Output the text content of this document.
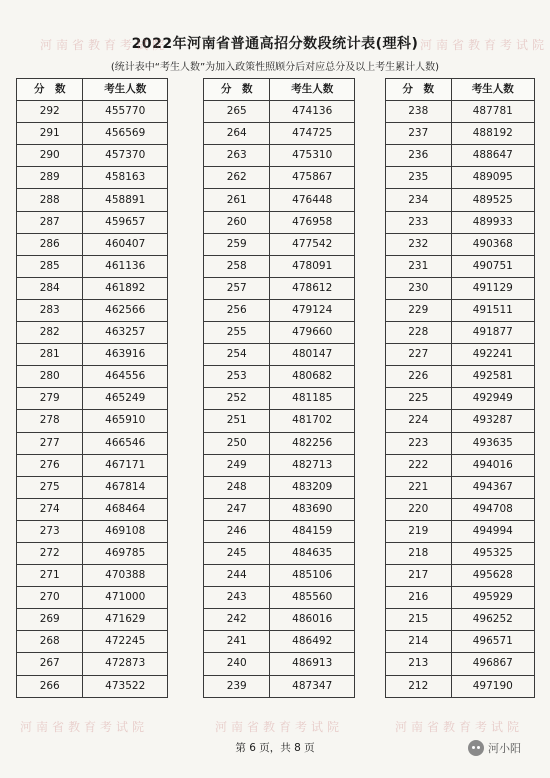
2022年河南省普通高招分数段统计表(理科)
(统计表中“考生人数”为加入政策性照顾分后对应总分及以上考生累计人数)
分　数	考生人数
292	455770
291	456569
290	457370
289	458163
288	458891
287	459657
286	460407
285	461136
284	461892
283	462566
282	463257
281	463916
280	464556
279	465249
278	465910
277	466546
276	467171
275	467814
274	468464
273	469108
272	469785
271	470388
270	471000
269	471629
268	472245
267	472873
266	473522
分　数	考生人数
265	474136
264	474725
263	475310
262	475867
261	476448
260	476958
259	477542
258	478091
257	478612
256	479124
255	479660
254	480147
253	480682
252	481185
251	481702
250	482256
249	482713
248	483209
247	483690
246	484159
245	484635
244	485106
243	485560
242	486016
241	486492
240	486913
239	487347
分　数	考生人数
238	487781
237	488192
236	488647
235	489095
234	489525
233	489933
232	490368
231	490751
230	491129
229	491511
228	491877
227	492241
226	492581
225	492949
224	493287
223	493635
222	494016
221	494367
220	494708
219	494994
218	495325
217	495628
216	495929
215	496252
214	496571
213	496867
212	497190
河南省教育考试院	河南省教育考试院
河南省教育考试院	河南省教育考试院	河南省教育考试院
第 6 页，共 8 页	河小阳
